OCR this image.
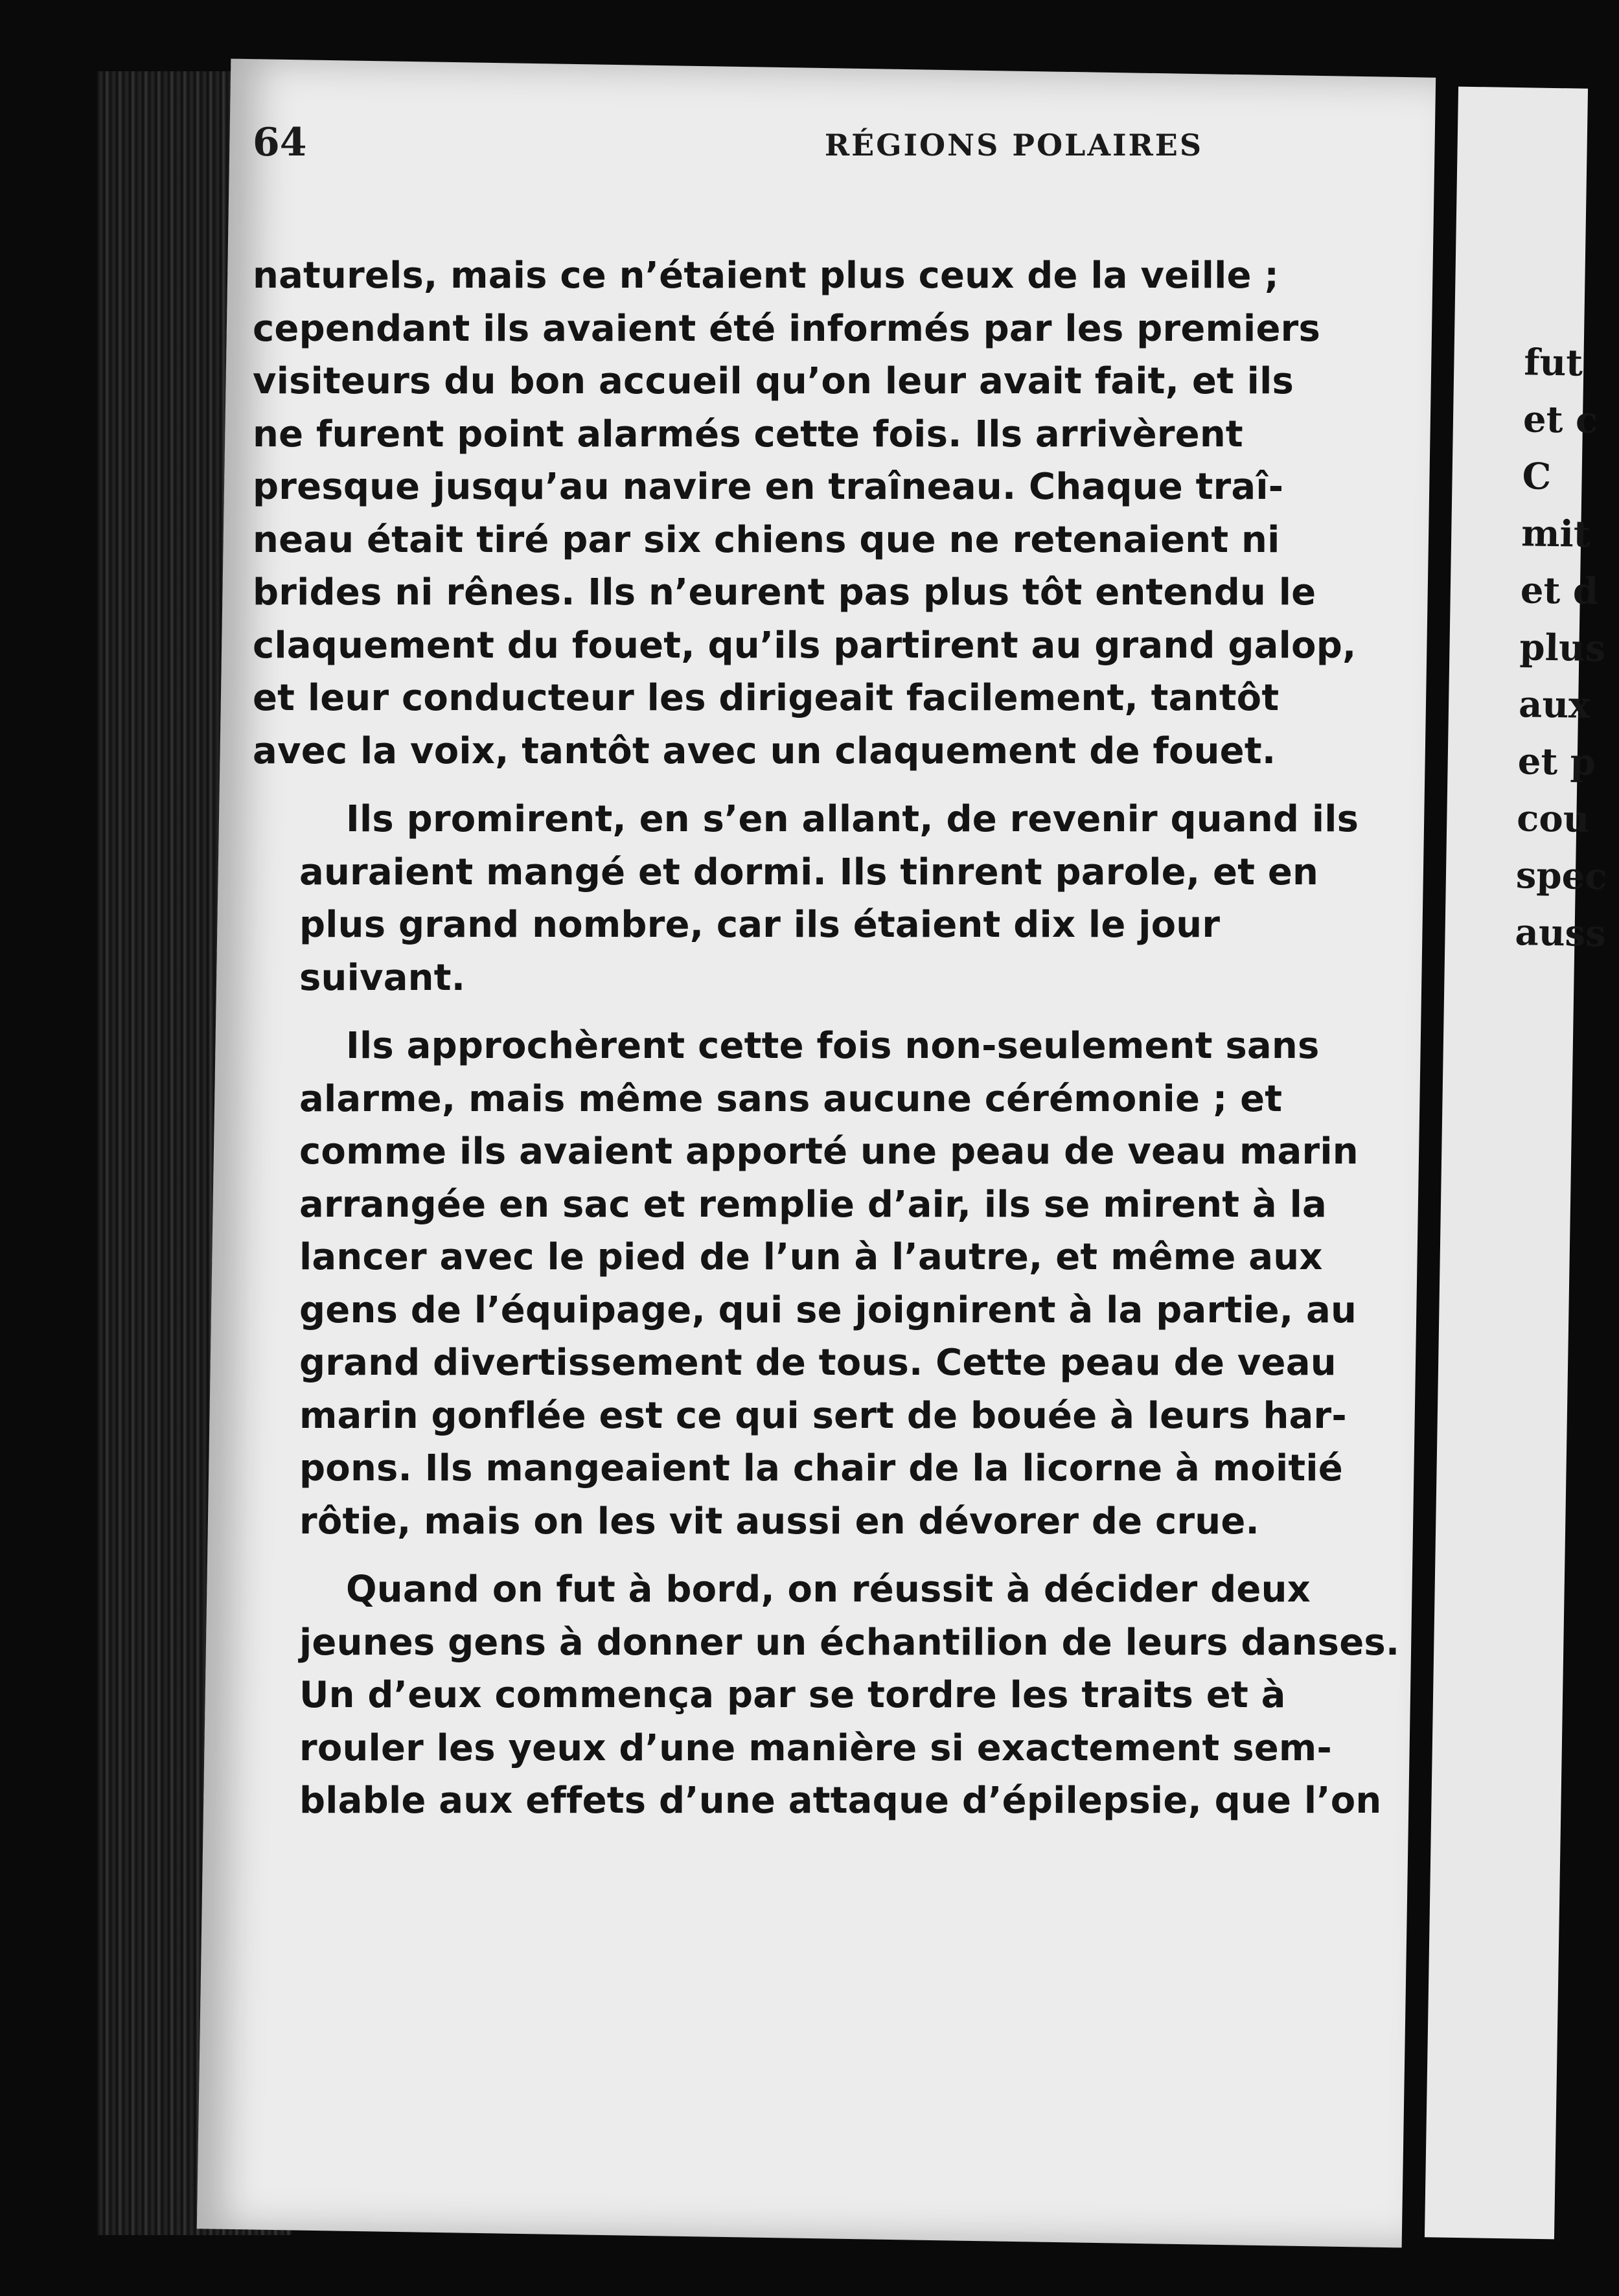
fut
et c
C
mit
et d
plus
aux
et p
cou
spec
auss
64	RÉGIONS POLAIRES
naturels, mais ce n’étaient plus ceux de la veille ;
cependant ils avaient été informés par les premiers
visiteurs du bon accueil qu’on leur avait fait, et ils
ne furent point alarmés cette fois. Ils arrivèrent
presque jusqu’au navire en traîneau. Chaque traî-
neau était tiré par six chiens que ne retenaient ni
brides ni rênes. Ils n’eurent pas plus tôt entendu le
claquement du fouet, qu’ils partirent au grand galop,
et leur conducteur les dirigeait facilement, tantôt
avec la voix, tantôt avec un claquement de fouet.
Ils promirent, en s’en allant, de revenir quand ils
auraient mangé et dormi. Ils tinrent parole, et en
plus grand nombre, car ils étaient dix le jour
suivant.
Ils approchèrent cette fois non-seulement sans
alarme, mais même sans aucune cérémonie ; et
comme ils avaient apporté une peau de veau marin
arrangée en sac et remplie d’air, ils se mirent à la
lancer avec le pied de l’un à l’autre, et même aux
gens de l’équipage, qui se joignirent à la partie, au
grand divertissement de tous. Cette peau de veau
marin gonflée est ce qui sert de bouée à leurs har-
pons. Ils mangeaient la chair de la licorne à moitié
rôtie, mais on les vit aussi en dévorer de crue.
Quand on fut à bord, on réussit à décider deux
jeunes gens à donner un échantilion de leurs danses.
Un d’eux commença par se tordre les traits et à
rouler les yeux d’une manière si exactement sem-
blable aux effets d’une attaque d’épilepsie, que l’on
